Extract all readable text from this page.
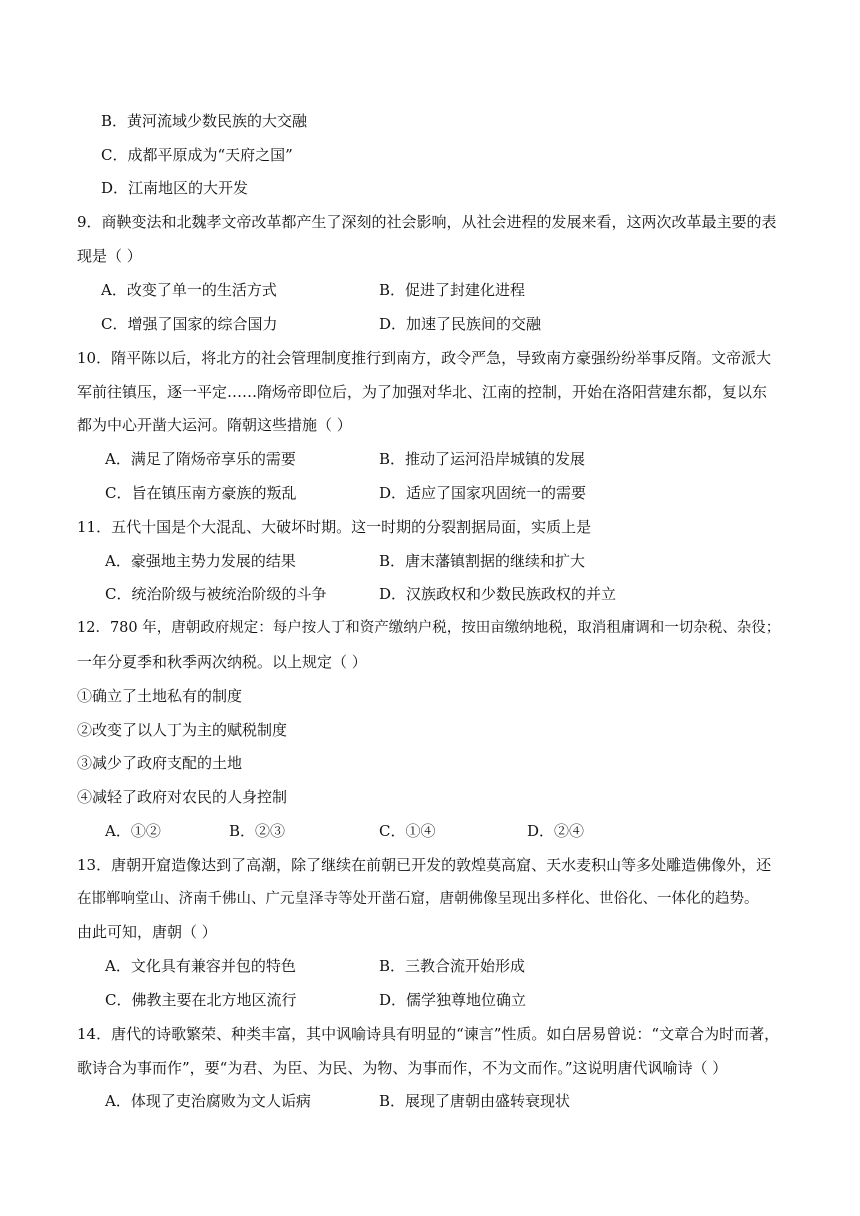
B．黄河流域少数民族的大交融
C．成都平原成为“天府之国”
D．江南地区的大开发
9．商鞅变法和北魏孝文帝改革都产生了深刻的社会影响，从社会进程的发展来看，这两次改革最主要的表
现是（ ）
A．改变了单一的生活方式	B．促进了封建化进程
C．增强了国家的综合国力	D．加速了民族间的交融
10．隋平陈以后，将北方的社会管理制度推行到南方，政令严急，导致南方豪强纷纷举事反隋。文帝派大
军前往镇压，逐一平定……隋炀帝即位后，为了加强对华北、江南的控制，开始在洛阳营建东都，复以东
都为中心开凿大运河。隋朝这些措施（ ）
A．满足了隋炀帝享乐的需要	B．推动了运河沿岸城镇的发展
C．旨在镇压南方豪族的叛乱	D．适应了国家巩固统一的需要
11．五代十国是个大混乱、大破坏时期。这一时期的分裂割据局面，实质上是
A．豪强地主势力发展的结果	B．唐末藩镇割据的继续和扩大
C．统治阶级与被统治阶级的斗争	D．汉族政权和少数民族政权的并立
12．780 年，唐朝政府规定：每户按人丁和资产缴纳户税，按田亩缴纳地税，取消租庸调和一切杂税、杂役；
一年分夏季和秋季两次纳税。以上规定（ ）
①确立了土地私有的制度
②改变了以人丁为主的赋税制度
③减少了政府支配的土地
④减轻了政府对农民的人身控制
A．①②	B．②③	C．①④	D．②④
13．唐朝开窟造像达到了高潮，除了继续在前朝已开发的敦煌莫高窟、天水麦积山等多处雕造佛像外，还
在邯郸响堂山、济南千佛山、广元皇泽寺等处开凿石窟，唐朝佛像呈现出多样化、世俗化、一体化的趋势。
由此可知，唐朝（ ）
A．文化具有兼容并包的特色	B．三教合流开始形成
C．佛教主要在北方地区流行	D．儒学独尊地位确立
14．唐代的诗歌繁荣、种类丰富，其中讽喻诗具有明显的“谏言”性质。如白居易曾说：“文章合为时而著，
歌诗合为事而作”，要“为君、为臣、为民、为物、为事而作，不为文而作。”这说明唐代讽喻诗（ ）
A．体现了吏治腐败为文人诟病	B．展现了唐朝由盛转衰现状
